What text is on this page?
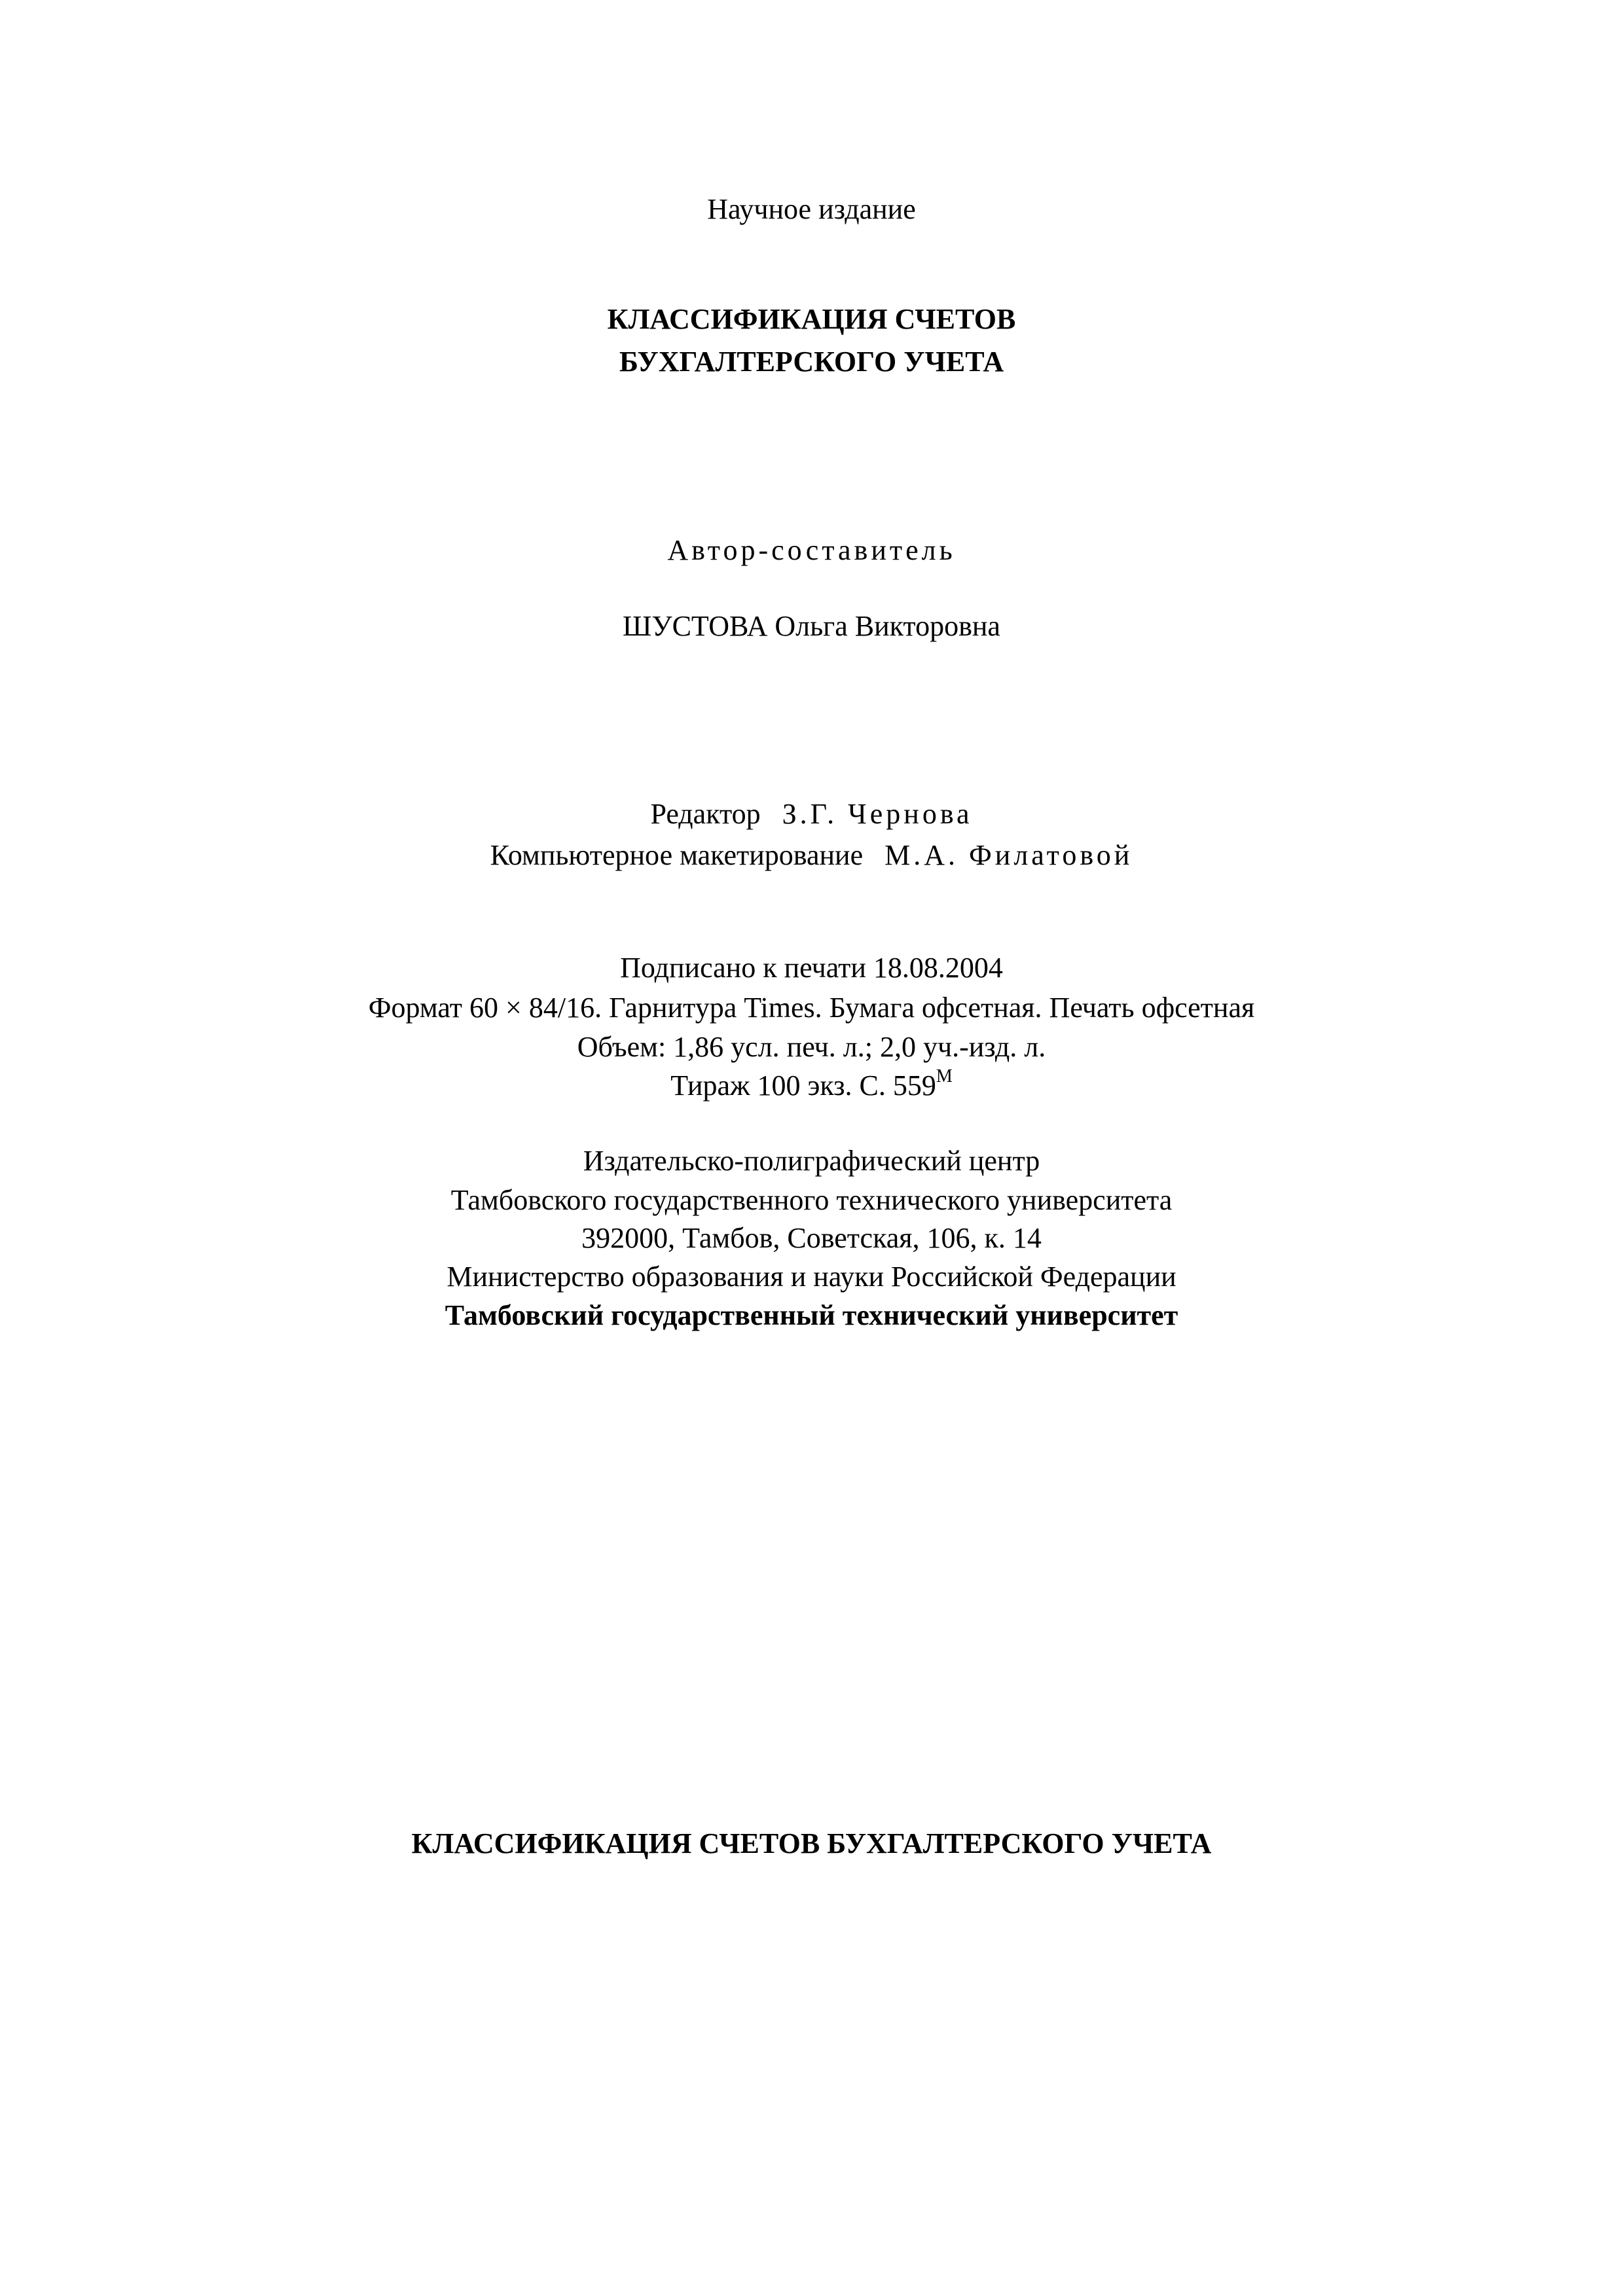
Научное издание
КЛАССИФИКАЦИЯ СЧЕТОВ
БУХГАЛТЕРСКОГО УЧЕТА
Автор-составитель
ШУСТОВА Ольга Викторовна
Редактор З.Г. Чернова
Компьютерное макетирование М.А. Филатовой
Подписано к печати 18.08.2004
Формат 60 × 84/16. Гарнитура Times. Бумага офсетная. Печать офсетная
Объем: 1,86 усл. печ. л.; 2,0 уч.-изд. л.
Тираж 100 экз. С. $559^М$
Издательско-полиграфический центр
Тамбовского государственного технического университета
392000, Тамбов, Советская, 106, к. 14
Министерство образования и науки Российской Федерации
Тамбовский государственный технический университет
КЛАССИФИКАЦИЯ СЧЕТОВ БУХГАЛТЕРСКОГО УЧЕТА
